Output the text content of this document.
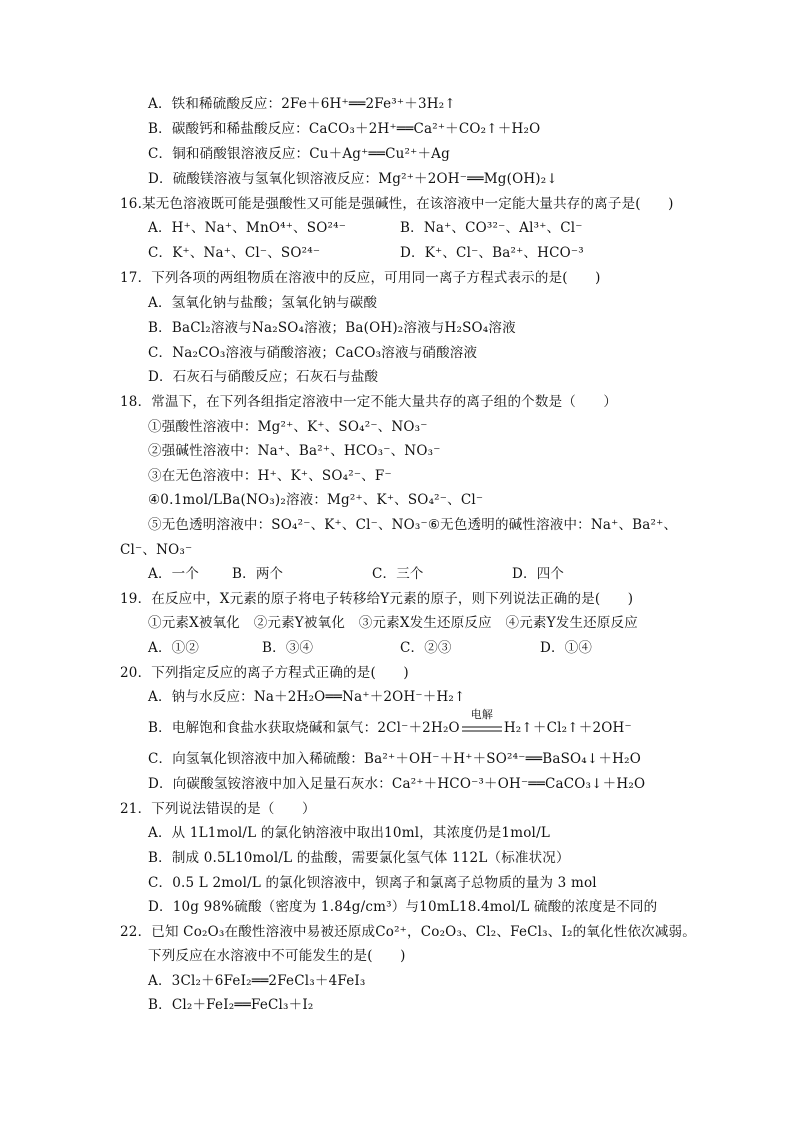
A．铁和稀硫酸反应：2Fe＋6H⁺══2Fe³⁺＋3H₂↑
B．碳酸钙和稀盐酸反应：CaCO₃＋2H⁺══Ca²⁺＋CO₂↑＋H₂O
C．铜和硝酸银溶液反应：Cu＋Ag⁺══Cu²⁺＋Ag
D．硫酸镁溶液与氢氧化钡溶液反应：Mg²⁺＋2OH⁻══Mg(OH)₂↓
16.某无色溶液既可能是强酸性又可能是强碱性，在该溶液中一定能大量共存的离子是(　　)
A．H⁺、Na⁺、MnO⁴⁺、SO²⁴⁻	B．Na⁺、CO³²⁻、Al³⁺、Cl⁻
C．K⁺、Na⁺、Cl⁻、SO²⁴⁻	D．K⁺、Cl⁻、Ba²⁺、HCO⁻³
17．下列各项的两组物质在溶液中的反应，可用同一离子方程式表示的是(　　)
A．氢氧化钠与盐酸；氢氧化钠与碳酸
B．BaCl₂溶液与Na₂SO₄溶液；Ba(OH)₂溶液与H₂SO₄溶液
C．Na₂CO₃溶液与硝酸溶液；CaCO₃溶液与硝酸溶液
D．石灰石与硝酸反应；石灰石与盐酸
18．常温下，在下列各组指定溶液中一定不能大量共存的离子组的个数是（　　）
①强酸性溶液中：Mg²⁺、K⁺、SO₄²⁻、NO₃⁻
②强碱性溶液中：Na⁺、Ba²⁺、HCO₃⁻、NO₃⁻
③在无色溶液中：H⁺、K⁺、SO₄²⁻、F⁻
④0.1mol/LBa(NO₃)₂溶液：Mg²⁺、K⁺、SO₄²⁻、Cl⁻
⑤无色透明溶液中：SO₄²⁻、K⁺、Cl⁻、NO₃⁻⑥无色透明的碱性溶液中：Na⁺、Ba²⁺、
Cl⁻、NO₃⁻
A．一个 B．两个	C．三个	D．四个
19．在反应中，X元素的原子将电子转移给Y元素的原子，则下列说法正确的是(　　)
①元素X被氧化　②元素Y被氧化　③元素X发生还原反应　④元素Y发生还原反应
A．①②	B．③④	C．②③	D．①④
20．下列指定反应的离子方程式正确的是(　　)
A．钠与水反应：Na＋2H₂O══Na⁺＋2OH⁻＋H₂↑
B．电解饱和食盐水获取烧碱和氯气：2Cl⁻＋2H₂O
电解
H₂↑＋Cl₂↑＋2OH⁻
C．向氢氧化钡溶液中加入稀硫酸：Ba²⁺＋OH⁻＋H⁺＋SO²⁴⁻══BaSO₄↓＋H₂O
D．向碳酸氢铵溶液中加入足量石灰水：Ca²⁺＋HCO⁻³＋OH⁻══CaCO₃↓＋H₂O
21．下列说法错误的是（　　）
A．从 1L1mol/L 的氯化钠溶液中取出10ml，其浓度仍是1mol/L
B．制成 0.5L10mol/L 的盐酸，需要氯化氢气体 112L（标准状况）
C．0.5 L 2mol/L 的氯化钡溶液中，钡离子和氯离子总物质的量为 3 mol
D．10g 98%硫酸（密度为 1.84g/cm³）与10mL18.4mol/L 硫酸的浓度是不同的
22．已知 Co₂O₃在酸性溶液中易被还原成Co²⁺，Co₂O₃、Cl₂、FeCl₃、I₂的氧化性依次减弱。
下列反应在水溶液中不可能发生的是(　　)
A．3Cl₂＋6FeI₂══2FeCl₃＋4FeI₃
B．Cl₂＋FeI₂══FeCl₃＋I₂
